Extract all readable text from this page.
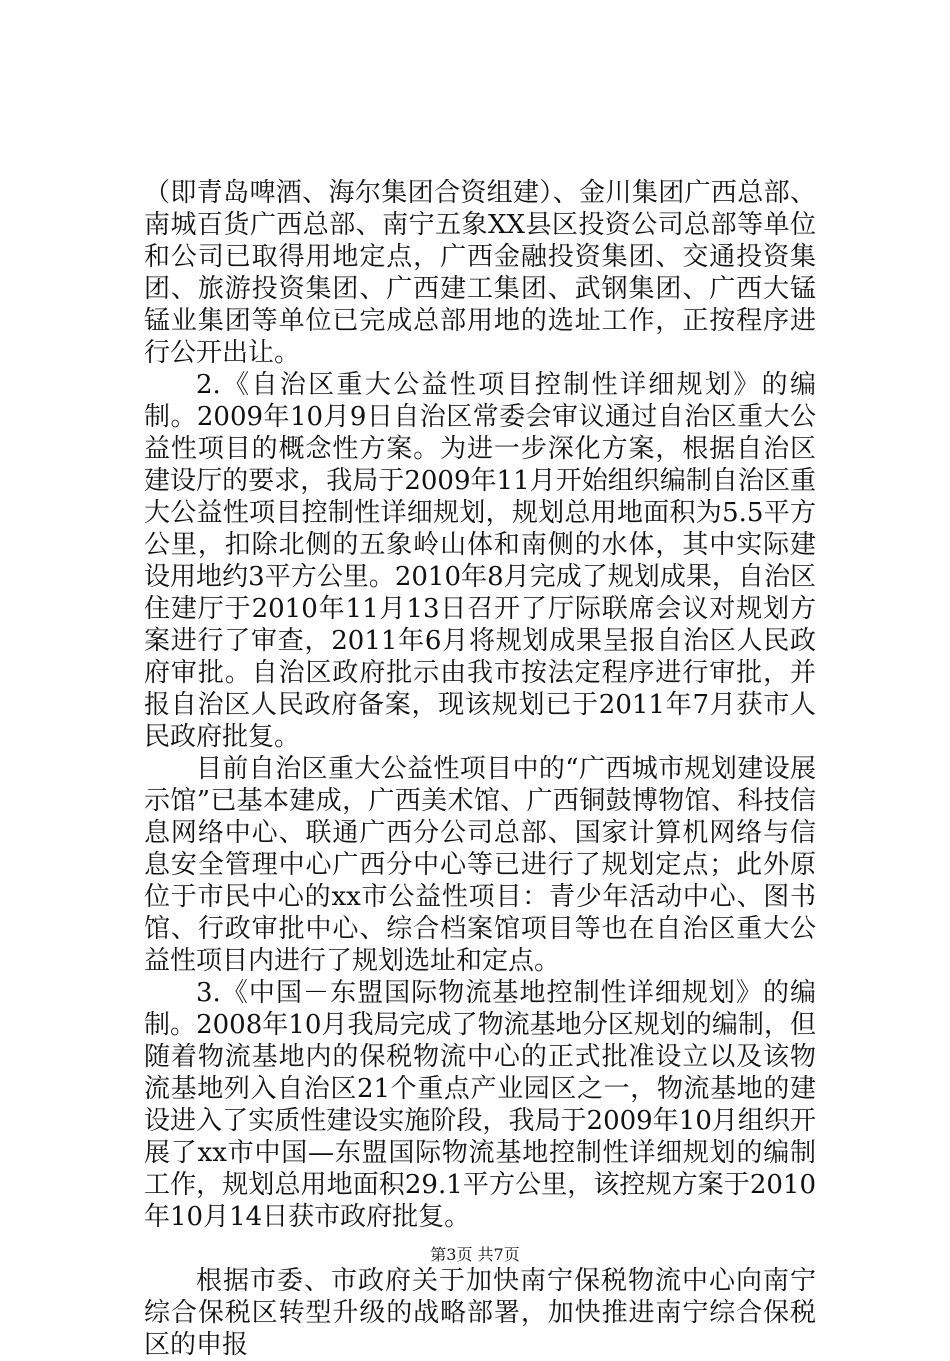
（即青岛啤酒、海尔集团合资组建）、金川集团广西总部、南城百货广西总部、南宁五象XX县区投资公司总部等单位和公司已取得用地定点，广西金融投资集团、交通投资集团、旅游投资集团、广西建工集团、武钢集团、广西大锰锰业集团等单位已完成总部用地的选址工作，正按程序进行公开出让。

2.《自治区重大公益性项目控制性详细规划》的编制。2009年10月9日自治区常委会审议通过自治区重大公益性项目的概念性方案。为进一步深化方案，根据自治区建设厅的要求，我局于2009年11月开始组织编制自治区重大公益性项目控制性详细规划，规划总用地面积为5.5平方公里，扣除北侧的五象岭山体和南侧的水体，其中实际建设用地约3平方公里。2010年8月完成了规划成果，自治区住建厅于2010年11月13日召开了厅际联席会议对规划方案进行了审查，2011年6月将规划成果呈报自治区人民政府审批。自治区政府批示由我市按法定程序进行审批，并报自治区人民政府备案，现该规划已于2011年7月获市人民政府批复。

目前自治区重大公益性项目中的“广西城市规划建设展示馆”已基本建成，广西美术馆、广西铜鼓博物馆、科技信息网络中心、联通广西分公司总部、国家计算机网络与信息安全管理中心广西分中心等已进行了规划定点；此外原位于市民中心的xx市公益性项目：青少年活动中心、图书馆、行政审批中心、综合档案馆项目等也在自治区重大公益性项目内进行了规划选址和定点。

3.《中国－东盟国际物流基地控制性详细规划》的编制。2008年10月我局完成了物流基地分区规划的编制，但随着物流基地内的保税物流中心的正式批准设立以及该物流基地列入自治区21个重点产业园区之一，物流基地的建设进入了实质性建设实施阶段，我局于2009年10月组织开展了xx市中国—东盟国际物流基地控制性详细规划的编制工作，规划总用地面积29.1平方公里，该控规方案于2010年10月14日获市政府批复。

根据市委、市政府关于加快南宁保税物流中心向南宁综合保税区转型升级的战略部署，加快推进南宁综合保税区的申报

第3页 共7页
